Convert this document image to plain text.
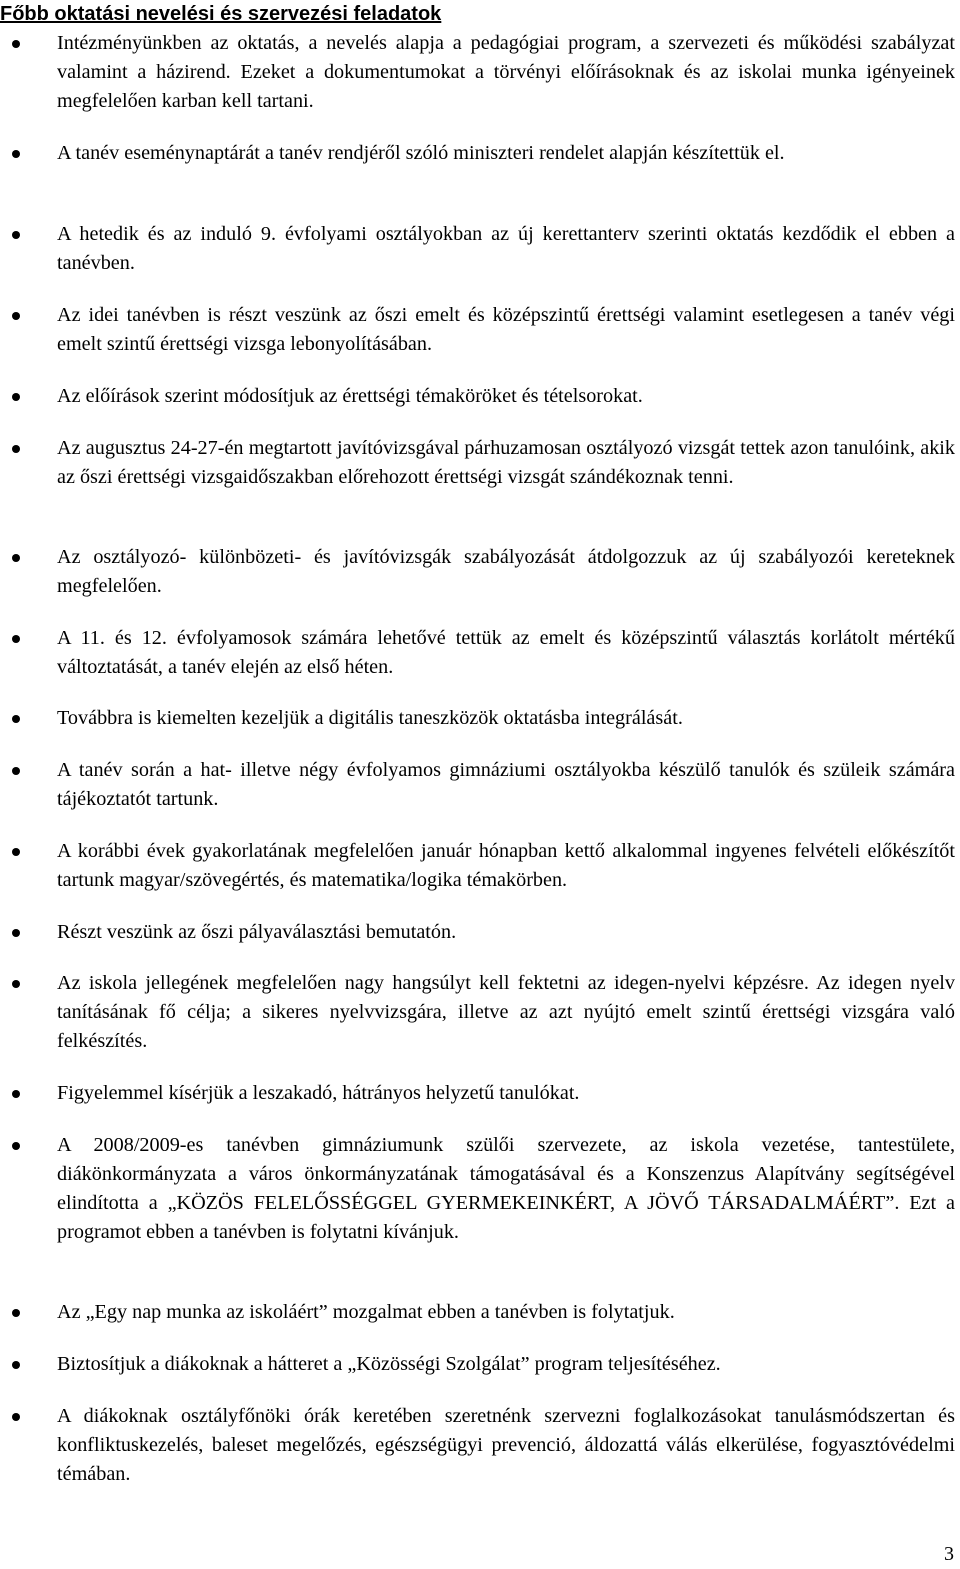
Főbb oktatási nevelési és szervezési feladatok

Intézményünkben az oktatás, a nevelés alapja a pedagógiai program, a szervezeti és működési szabályzat valamint a házirend. Ezeket a dokumentumokat a törvényi előírásoknak és az iskolai munka igényeinek megfelelően karban kell tartani.

A tanév eseménynaptárát a tanév rendjéről szóló miniszteri rendelet alapján készítettük el.

A hetedik és az induló 9. évfolyami osztályokban az új kerettanterv szerinti oktatás kezdődik el ebben a tanévben.

Az idei tanévben is részt veszünk az őszi emelt és középszintű érettségi valamint esetlegesen a tanév végi emelt szintű érettségi vizsga lebonyolításában.

Az előírások szerint módosítjuk az érettségi témaköröket és tételsorokat.

Az augusztus 24-27-én megtartott javítóvizsgával párhuzamosan osztályozó vizsgát tettek azon tanulóink, akik az őszi érettségi vizsgaidőszakban előrehozott érettségi vizsgát szándékoznak tenni.

Az osztályozó- különbözeti- és javítóvizsgák szabályozását átdolgozzuk az új szabályozói kereteknek megfelelően.

A 11. és 12. évfolyamosok számára lehetővé tettük az emelt és középszintű választás korlátolt mértékű változtatását, a tanév elején az első héten.

Továbbra is kiemelten kezeljük a digitális taneszközök oktatásba integrálását.

A tanév során a hat- illetve négy évfolyamos gimnáziumi osztályokba készülő tanulók és szüleik számára tájékoztatót tartunk.

A korábbi évek gyakorlatának megfelelően január hónapban kettő alkalommal ingyenes felvételi előkészítőt tartunk magyar/szövegértés, és matematika/logika témakörben.

Részt veszünk az őszi pályaválasztási bemutatón.

Az iskola jellegének megfelelően nagy hangsúlyt kell fektetni az idegen-nyelvi képzésre. Az idegen nyelv tanításának fő célja; a sikeres nyelvvizsgára, illetve az azt nyújtó emelt szintű érettségi vizsgára való felkészítés.

Figyelemmel kísérjük a leszakadó, hátrányos helyzetű tanulókat.

A 2008/2009-es tanévben gimnáziumunk szülői szervezete, az iskola vezetése, tantestülete, diákönkormányzata a város önkormányzatának támogatásával és a Konszenzus Alapítvány segítségével elindította a „KÖZÖS FELELŐSSÉGGEL GYERMEKEINKÉRT, A JÖVŐ TÁRSADALMÁÉRT”. Ezt a programot ebben a tanévben is folytatni kívánjuk.

Az „Egy nap munka az iskoláért” mozgalmat ebben a tanévben is folytatjuk.

Biztosítjuk a diákoknak a hátteret a „Közösségi Szolgálat” program teljesítéséhez.

A diákoknak osztályfőnöki órák keretében szeretnénk szervezni foglalkozásokat tanulásmódszertan és konfliktuskezelés, baleset megelőzés, egészségügyi prevenció, áldozattá válás elkerülése, fogyasztóvédelmi témában.

3
